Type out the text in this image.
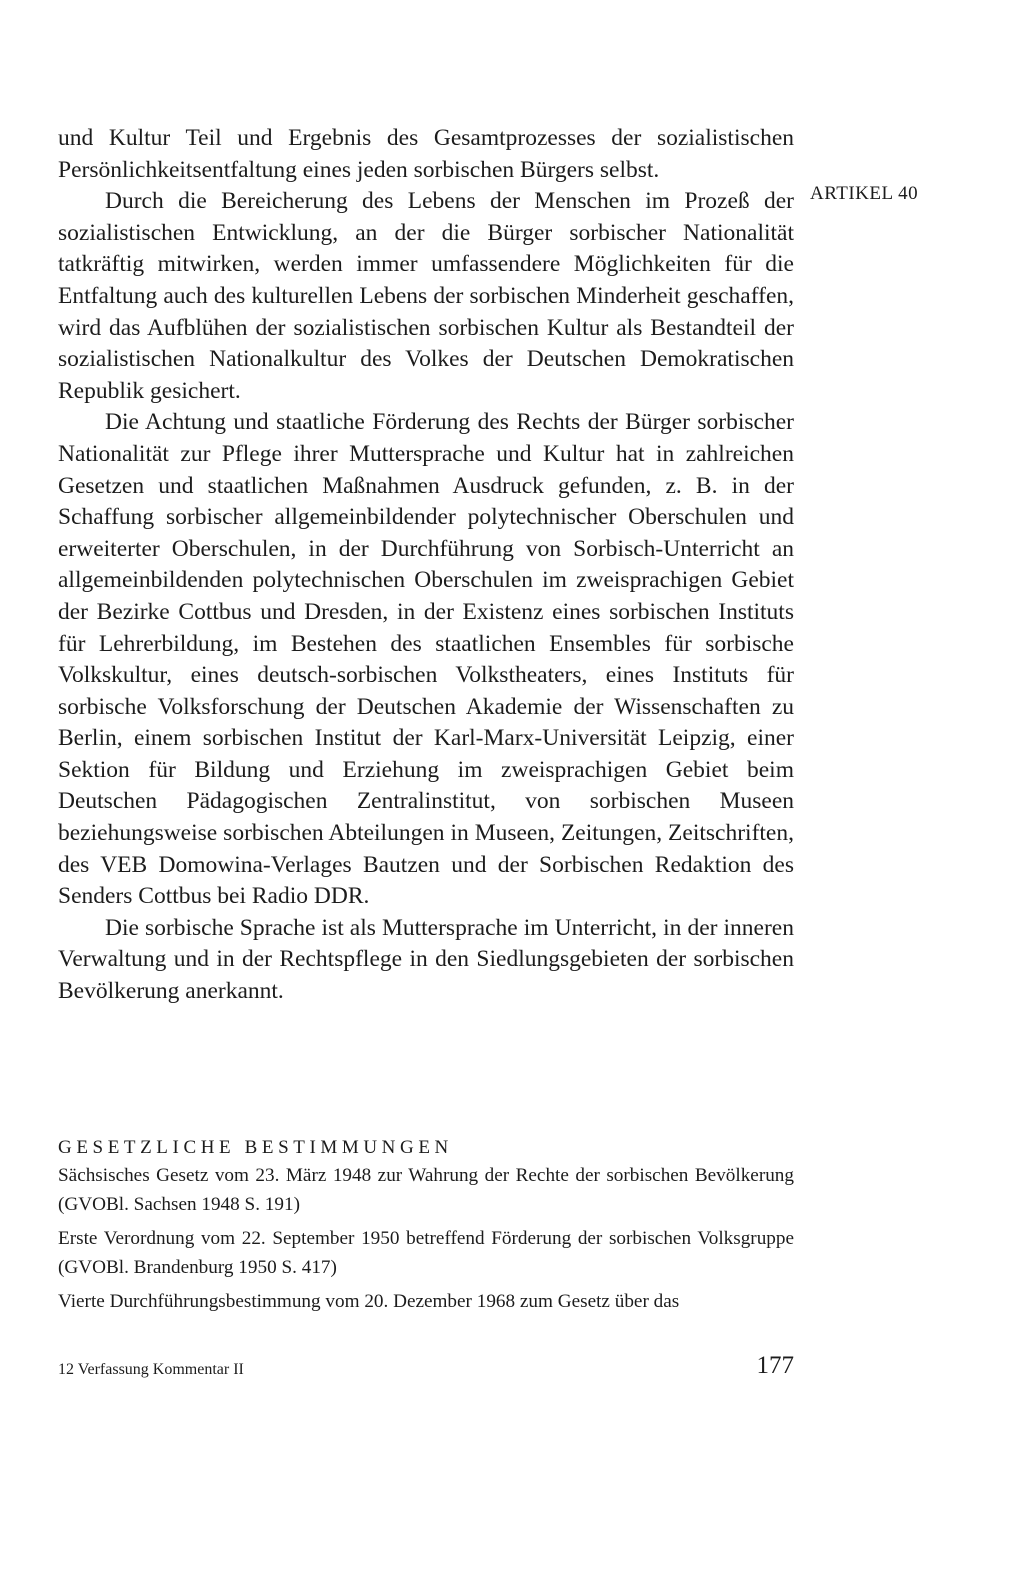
und Kultur Teil und Ergebnis des Gesamtprozesses der sozialistischen Persönlichkeitsentfaltung eines jeden sorbischen Bürgers selbst.

Durch die Bereicherung des Lebens der Menschen im Prozeß der sozialistischen Entwicklung, an der die Bürger sorbischer Nationalität tatkräftig mitwirken, werden immer umfassendere Möglichkeiten für die Entfaltung auch des kulturellen Lebens der sorbischen Minderheit geschaffen, wird das Aufblühen der sozialistischen sorbischen Kultur als Bestandteil der sozialistischen Nationalkultur des Volkes der Deutschen Demokratischen Republik gesichert.

Die Achtung und staatliche Förderung des Rechts der Bürger sorbischer Nationalität zur Pflege ihrer Muttersprache und Kultur hat in zahlreichen Gesetzen und staatlichen Maßnahmen Ausdruck gefunden, z. B. in der Schaffung sorbischer allgemeinbildender polytechnischer Oberschulen und erweiterter Oberschulen, in der Durchführung von Sorbisch-Unterricht an allgemeinbildenden polytechnischen Oberschulen im zweisprachigen Gebiet der Bezirke Cottbus und Dresden, in der Existenz eines sorbischen Instituts für Lehrerbildung, im Bestehen des staatlichen Ensembles für sorbische Volkskultur, eines deutsch-sorbischen Volkstheaters, eines Instituts für sorbische Volksforschung der Deutschen Akademie der Wissenschaften zu Berlin, einem sorbischen Institut der Karl-Marx-Universität Leipzig, einer Sektion für Bildung und Erziehung im zweisprachigen Gebiet beim Deutschen Pädagogischen Zentralinstitut, von sorbischen Museen beziehungsweise sorbischen Abteilungen in Museen, Zeitungen, Zeitschriften, des VEB Domowina-Verlages Bautzen und der Sorbischen Redaktion des Senders Cottbus bei Radio DDR.

Die sorbische Sprache ist als Muttersprache im Unterricht, in der inneren Verwaltung und in der Rechtspflege in den Siedlungsgebieten der sorbischen Bevölkerung anerkannt.

ARTIKEL 40
GESETZLICHE BESTIMMUNGEN

Sächsisches Gesetz vom 23. März 1948 zur Wahrung der Rechte der sorbischen Bevölkerung (GVOBl. Sachsen 1948 S. 191)

Erste Verordnung vom 22. September 1950 betreffend Förderung der sorbischen Volksgruppe (GVOBl. Brandenburg 1950 S. 417)

Vierte Durchführungsbestimmung vom 20. Dezember 1968 zum Gesetz über das

12 Verfassung Kommentar II	177
